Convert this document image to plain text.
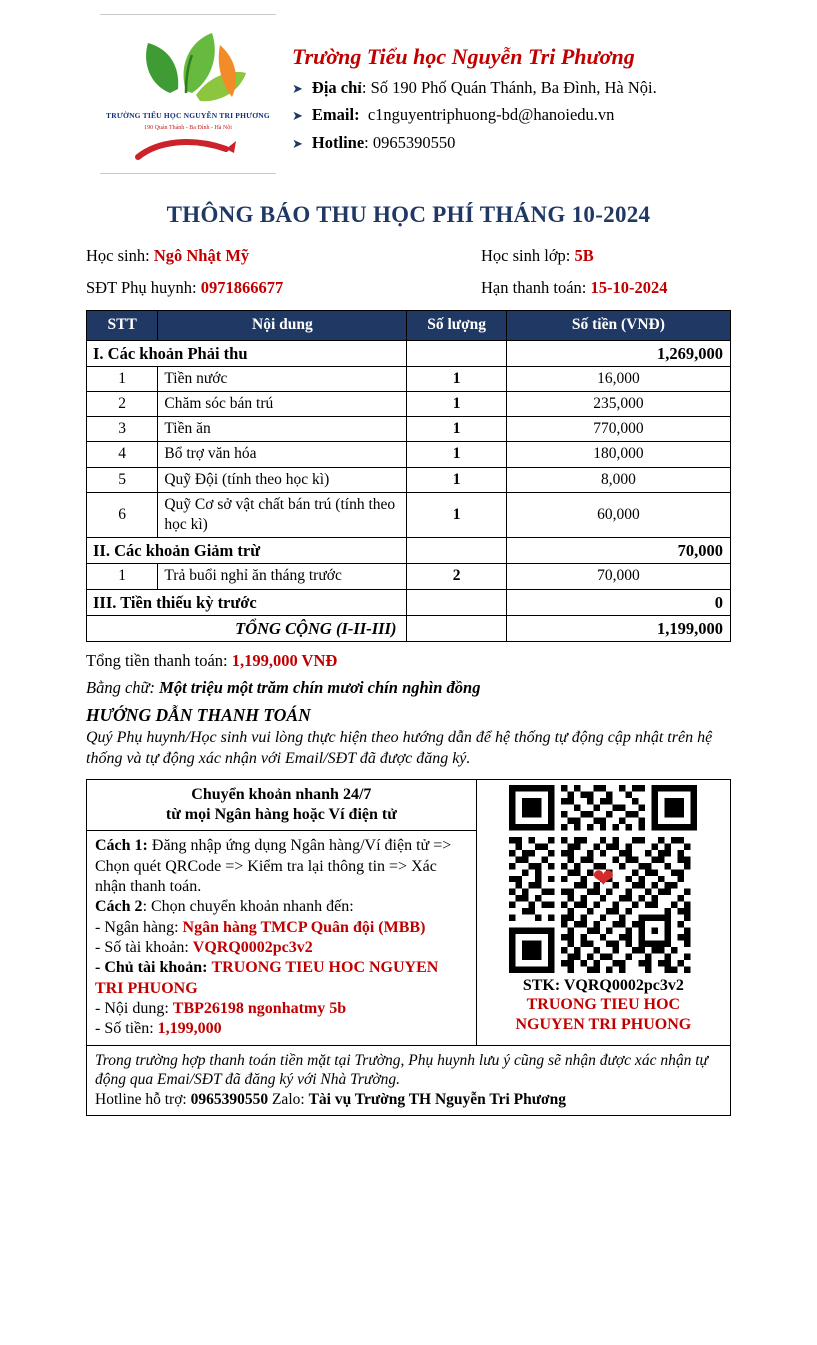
TRƯỜNG TIỂU HỌC NGUYỄN TRI PHƯƠNG
190 Quán Thánh - Ba Đình - Hà Nội
Trường Tiểu học Nguyễn Tri Phương
➤ Địa chỉ: Số 190 Phố Quán Thánh, Ba Đình, Hà Nội.
➤ Email: c1nguyentriphuong-bd@hanoiedu.vn
➤ Hotline: 0965390550
THÔNG BÁO THU HỌC PHÍ THÁNG 10-2024
Học sinh: Ngô Nhật Mỹ	Học sinh lớp: 5B
SĐT Phụ huynh: 0971866677	Hạn thanh toán: 15-10-2024
STT	Nội dung	Số lượng	Số tiền (VNĐ)
I. Các khoản Phải thu			1,269,000
1	Tiền nước	1	16,000
2	Chăm sóc bán trú	1	235,000
3	Tiền ăn	1	770,000
4	Bổ trợ văn hóa	1	180,000
5	Quỹ Đội (tính theo học kì)	1	8,000
6	Quỹ Cơ sở vật chất bán trú (tính theo học kì)	1	60,000
II. Các khoản Giảm trừ			70,000
1	Trả buổi nghỉ ăn tháng trước	2	70,000
III. Tiền thiếu kỳ trước			0
TỔNG CỘNG (I-II-III)			1,199,000
Tổng tiền thanh toán: 1,199,000 VNĐ
Bằng chữ: Một triệu một trăm chín mươi chín nghìn đồng
HƯỚNG DẪN THANH TOÁN
Quý Phụ huynh/Học sinh vui lòng thực hiện theo hướng dẫn để hệ thống tự động cập nhật trên hệ thống và tự động xác nhận với Email/SĐT đã được đăng ký.
Chuyển khoản nhanh 24/7
từ mọi Ngân hàng hoặc Ví điện tử

❤
STK: VQRQ0002pc3v2
TRUONG TIEU HOC
NGUYEN TRI PHUONG

Cách 1: Đăng nhập ứng dụng Ngân hàng/Ví điện tử => Chọn quét QRCode => Kiểm tra lại thông tin => Xác nhận thanh toán.

Cách 2: Chọn chuyển khoản nhanh đến:

- Ngân hàng: Ngân hàng TMCP Quân đội (MBB)

- Số tài khoản: VQRQ0002pc3v2

- Chủ tài khoản: TRUONG TIEU HOC NGUYEN TRI PHUONG

- Nội dung: TBP26198 ngonhatmy 5b

- Số tiền: 1,199,000

Trong trường hợp thanh toán tiền mặt tại Trường, Phụ huynh lưu ý cũng sẽ nhận được xác nhận tự động qua Emai/SĐT đã đăng ký với Nhà Trường.
Hotline hỗ trợ: 0965390550 Zalo: Tài vụ Trường TH Nguyễn Tri Phương
